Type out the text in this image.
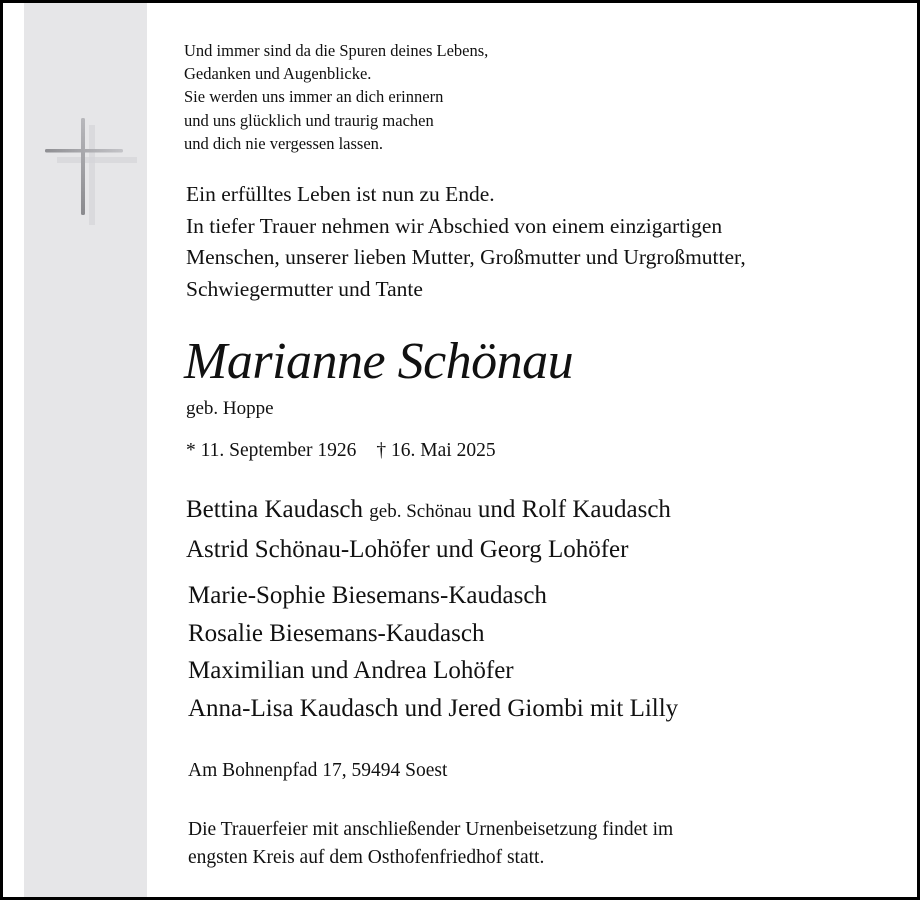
Und immer sind da die Spuren deines Lebens,
Gedanken und Augenblicke.
Sie werden uns immer an dich erinnern
und uns glücklich und traurig machen
und dich nie vergessen lassen.
Ein erfülltes Leben ist nun zu Ende.
In tiefer Trauer nehmen wir Abschied von einem einzigartigen
Menschen, unserer lieben Mutter, Großmutter und Urgroßmutter,
Schwiegermutter und Tante
Marianne Schönau
geb. Hoppe
* 11. September 1926 † 16. Mai 2025
Bettina Kaudasch geb. Schönau und Rolf Kaudasch
Astrid Schönau-Lohöfer und Georg Lohöfer
Marie-Sophie Biesemans-Kaudasch
Rosalie Biesemans-Kaudasch
Maximilian und Andrea Lohöfer
Anna-Lisa Kaudasch und Jered Giombi mit Lilly
Am Bohnenpfad 17, 59494 Soest
Die Trauerfeier mit anschließender Urnenbeisetzung findet im
engsten Kreis auf dem Osthofenfriedhof statt.
